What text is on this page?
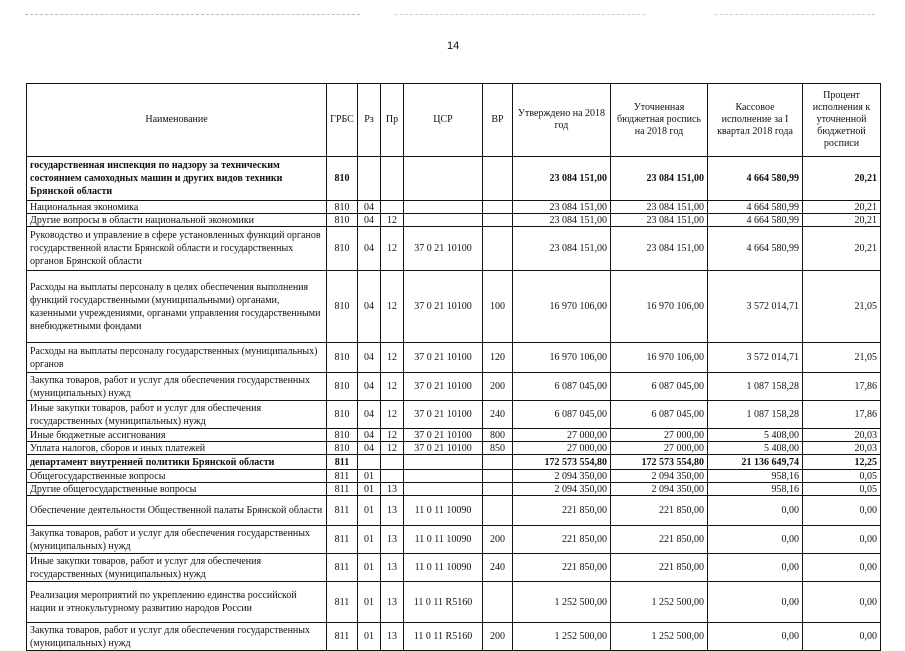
14
Наименование	ГРБС	Рз	Пр	ЦСР	ВР	Утверждено на 2018 год	Уточненная бюджетная роспись на 2018 год	Кассовое исполнение за I квартал 2018 года	Процент исполнения к уточненной бюджетной росписи
государственная инспекция по надзору за техническим состоянием самоходных машин и других видов техники Брянской области	810					23 084 151,00	23 084 151,00	4 664 580,99	20,21
Национальная экономика	810	04				23 084 151,00	23 084 151,00	4 664 580,99	20,21
Другие вопросы в области национальной экономики	810	04	12			23 084 151,00	23 084 151,00	4 664 580,99	20,21
Руководство и управление в сфере установленных функций органов государственной власти Брянской области и государственных органов Брянской области	810	04	12	37 0 21 10100		23 084 151,00	23 084 151,00	4 664 580,99	20,21
Расходы на выплаты персоналу в целях обеспечения выполнения функций государственными (муниципальными) органами, казенными учреждениями, органами управления государственными внебюджетными фондами	810	04	12	37 0 21 10100	100	16 970 106,00	16 970 106,00	3 572 014,71	21,05
Расходы на выплаты персоналу государственных (муниципальных) органов	810	04	12	37 0 21 10100	120	16 970 106,00	16 970 106,00	3 572 014,71	21,05
Закупка товаров, работ и услуг для обеспечения государственных (муниципальных) нужд	810	04	12	37 0 21 10100	200	6 087 045,00	6 087 045,00	1 087 158,28	17,86
Иные закупки товаров, работ и услуг для обеспечения государственных (муниципальных) нужд	810	04	12	37 0 21 10100	240	6 087 045,00	6 087 045,00	1 087 158,28	17,86
Иные бюджетные ассигнования	810	04	12	37 0 21 10100	800	27 000,00	27 000,00	5 408,00	20,03
Уплата налогов, сборов и иных платежей	810	04	12	37 0 21 10100	850	27 000,00	27 000,00	5 408,00	20,03
департамент внутренней политики Брянской области	811					172 573 554,80	172 573 554,80	21 136 649,74	12,25
Общегосударственные вопросы	811	01				2 094 350,00	2 094 350,00	958,16	0,05
Другие общегосударственные вопросы	811	01	13			2 094 350,00	2 094 350,00	958,16	0,05
Обеспечение деятельности Общественной палаты Брянской области	811	01	13	11 0 11 10090		221 850,00	221 850,00	0,00	0,00
Закупка товаров, работ и услуг для обеспечения государственных (муниципальных) нужд	811	01	13	11 0 11 10090	200	221 850,00	221 850,00	0,00	0,00
Иные закупки товаров, работ и услуг для обеспечения государственных (муниципальных) нужд	811	01	13	11 0 11 10090	240	221 850,00	221 850,00	0,00	0,00
Реализация мероприятий по укреплению единства российской нации и этнокультурному развитию народов России	811	01	13	11 0 11 R5160		1 252 500,00	1 252 500,00	0,00	0,00
Закупка товаров, работ и услуг для обеспечения государственных (муниципальных) нужд	811	01	13	11 0 11 R5160	200	1 252 500,00	1 252 500,00	0,00	0,00
